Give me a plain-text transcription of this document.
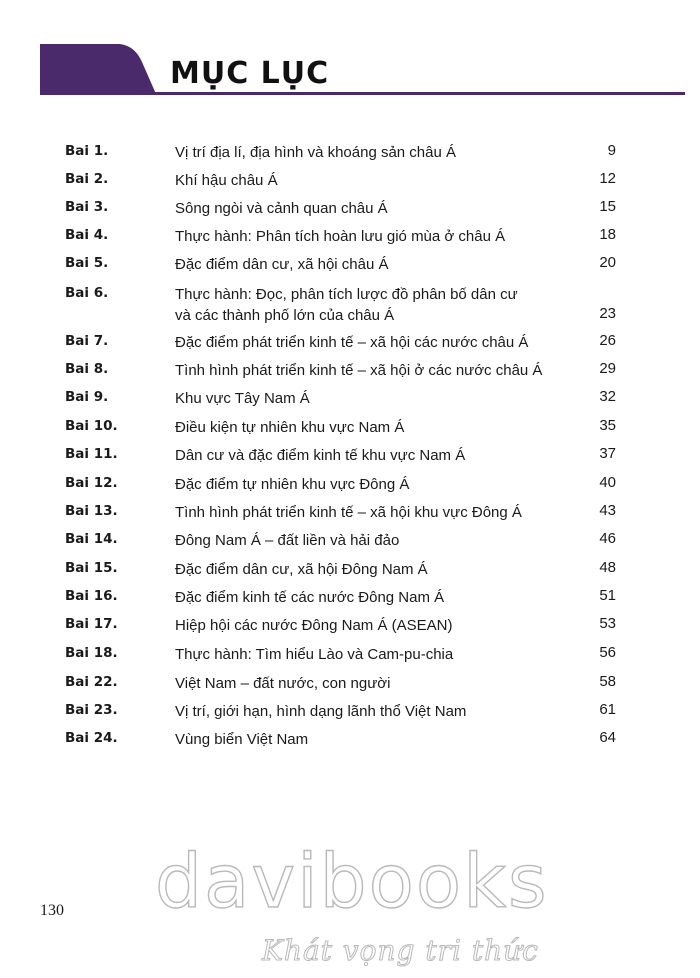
MỤC LỤC
Bai 1.	Vị trí địa lí, địa hình và khoáng sản châu Á	9
Bai 2.	Khí hậu châu Á	12
Bai 3.	Sông ngòi và cảnh quan châu Á	15
Bai 4.	Thực hành: Phân tích hoàn lưu gió mùa ở châu Á	18
Bai 5.	Đặc điểm dân cư, xã hội châu Á	20
Bai 6.	Thực hành: Đọc, phân tích lược đồ phân bố dân cư
và các thành phố lớn của châu Á	23
Bai 7.	Đặc điểm phát triển kinh tế – xã hội các nước châu Á	26
Bai 8.	Tình hình phát triển kinh tế – xã hội ở các nước châu Á	29
Bai 9.	Khu vực Tây Nam Á	32
Bai 10.	Điều kiện tự nhiên khu vực Nam Á	35
Bai 11.	Dân cư và đặc điểm kinh tế khu vực Nam Á	37
Bai 12.	Đặc điểm tự nhiên khu vực Đông Á	40
Bai 13.	Tình hình phát triển kinh tế – xã hội khu vực Đông Á	43
Bai 14.	Đông Nam Á – đất liền và hải đảo	46
Bai 15.	Đặc điểm dân cư, xã hội Đông Nam Á	48
Bai 16.	Đặc điểm kinh tế các nước Đông Nam Á	51
Bai 17.	Hiệp hội các nước Đông Nam Á (ASEAN)	53
Bai 18.	Thực hành: Tìm hiểu Lào và Cam-pu-chia	56
Bai 22.	Việt Nam – đất nước, con người	58
Bai 23.	Vị trí, giới hạn, hình dạng lãnh thổ Việt Nam	61
Bai 24.	Vùng biển Việt Nam	64
130 davibooks
Khát vọng tri thức
